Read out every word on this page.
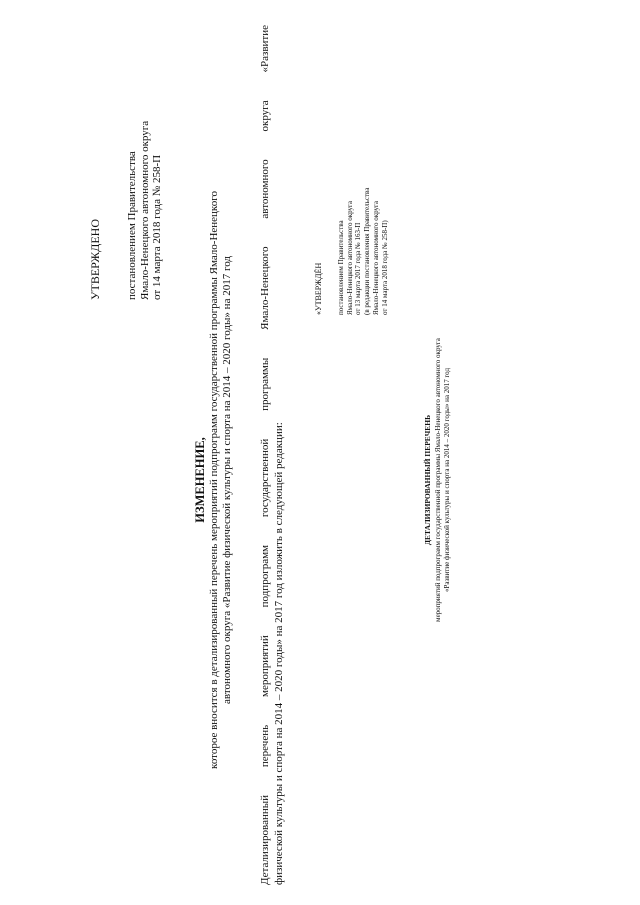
УТВЕРЖДЕНО постановлением Правительства Ямало-Ненецкого автономного округа от 14 марта 2018 года № 258-П
ИЗМЕНЕНИЕ, которое вносится в детализированный перечень мероприятий подпрограмм государственной программы Ямало-Ненецкого автономного округа «Развитие физической культуры и спорта на 2014 – 2020 годы» на 2017 год Детализированный перечень мероприятий подпрограмм государственной программы Ямало-Ненецкого автономного округа «Развитие физической культуры и спорта на 2014 – 2020 годы» на 2017 год изложить в следующей редакции:
«УТВЕРЖДЁН постановлением Правительства Ямало-Ненецкого автономного округа от 13 марта 2017 года № 163-П (в редакции постановления Правительства Ямало-Ненецкого автономного округа от 14 марта 2018 года № 258-П)
ДЕТАЛИЗИРОВАННЫЙ ПЕРЕЧЕНЬ мероприятий подпрограмм государственной программы Ямало-Ненецкого автономного округа «Развитие физической культуры и спорта на 2014 – 2020 годы» на 2017 год
